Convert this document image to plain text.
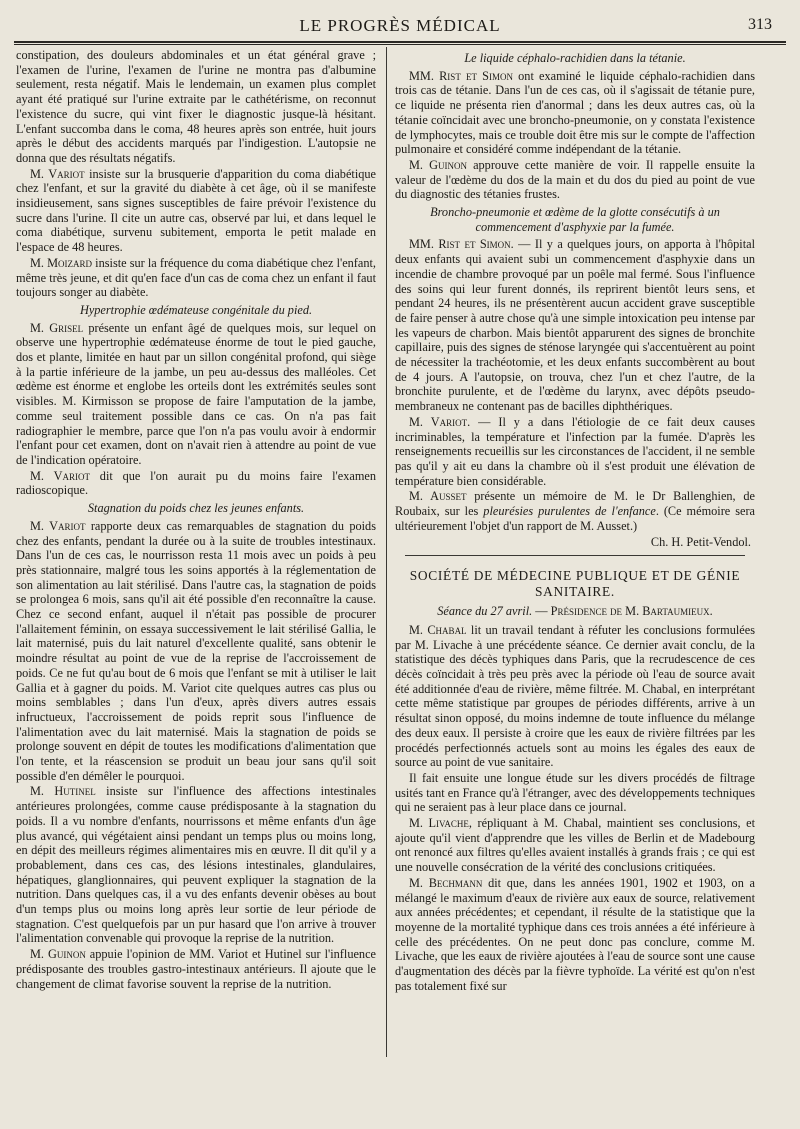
LE PROGRÈS MÉDICAL	313

constipation, des douleurs abdominales et un état général grave ; l'examen de l'urine, l'examen de l'urine ne montra pas d'albumine seulement, resta négatif. Mais le lendemain, un examen plus complet ayant été pratiqué sur l'urine extraite par le cathétérisme, on reconnut l'existence du sucre, qui vint fixer le diagnostic jusque-là hésitant. L'enfant succomba dans le coma, 48 heures après son entrée, huit jours après le début des accidents marqués par l'indigestion. L'autopsie ne donna que des résultats négatifs.

M. Variot insiste sur la brusquerie d'apparition du coma diabétique chez l'enfant, et sur la gravité du diabète à cet âge, où il se manifeste insidieusement, sans signes susceptibles de faire prévoir l'existence du sucre dans l'urine. Il cite un autre cas, observé par lui, et dans lequel le coma diabétique, survenu subitement, emporta le petit malade en l'espace de 48 heures.

M. Moizard insiste sur la fréquence du coma diabétique chez l'enfant, même très jeune, et dit qu'en face d'un cas de coma chez un enfant il faut toujours songer au diabète.

Hypertrophie œdémateuse congénitale du pied.

M. Grisel présente un enfant âgé de quelques mois, sur lequel on observe une hypertrophie œdémateuse énorme de tout le pied gauche, dos et plante, limitée en haut par un sillon congénital profond, qui siège à la partie inférieure de la jambe, un peu au-dessus des malléoles. Cet œdème est énorme et englobe les orteils dont les extrémités seules sont visibles. M. Kirmisson se propose de faire l'amputation de la jambe, comme seul traitement possible dans ce cas. On n'a pas fait radiographier le membre, parce que l'on n'a pas voulu avoir à endormir l'enfant pour cet examen, dont on n'avait rien à attendre au point de vue de l'indication opératoire.

M. Variot dit que l'on aurait pu du moins faire l'examen radioscopique.

Stagnation du poids chez les jeunes enfants.

M. Variot rapporte deux cas remarquables de stagnation du poids chez des enfants, pendant la durée ou à la suite de troubles intestinaux. Dans l'un de ces cas, le nourrisson resta 11 mois avec un poids à peu près stationnaire, malgré tous les soins apportés à la réglementation de son alimentation au lait stérilisé. Dans l'autre cas, la stagnation de poids se prolongea 6 mois, sans qu'il ait été possible d'en reconnaître la cause. Chez ce second enfant, auquel il n'était pas possible de procurer l'allaitement féminin, on essaya successivement le lait stérilisé Gallia, le lait maternisé, puis du lait naturel d'excellente qualité, sans obtenir le moindre résultat au point de vue de la reprise de l'accroissement de poids. Ce ne fut qu'au bout de 6 mois que l'enfant se mit à utiliser le lait Gallia et à gagner du poids. M. Variot cite quelques autres cas plus ou moins semblables ; dans l'un d'eux, après divers autres essais infructueux, l'accroissement de poids reprit sous l'influence de l'alimentation avec du lait maternisé. Mais la stagnation de poids se prolonge souvent en dépit de toutes les modifications d'alimentation que l'on tente, et la réascension se produit un beau jour sans qu'il soit possible d'en démêler le pourquoi.

M. Hutinel insiste sur l'influence des affections intestinales antérieures prolongées, comme cause prédisposante à la stagnation du poids. Il a vu nombre d'enfants, nourrissons et même enfants d'un âge plus avancé, qui végétaient ainsi pendant un temps plus ou moins long, en dépit des meilleurs régimes alimentaires mis en œuvre. Il dit qu'il y a probablement, dans ces cas, des lésions intestinales, glandulaires, hépatiques, glanglionnaires, qui peuvent expliquer la stagnation de la nutrition. Dans quelques cas, il a vu des enfants devenir obèses au bout d'un temps plus ou moins long après leur sortie de leur période de stagnation. C'est quelquefois par un pur hasard que l'on arrive à trouver l'alimentation convenable qui provoque la reprise de la nutrition.

M. Guinon appuie l'opinion de MM. Variot et Hutinel sur l'influence prédisposante des troubles gastro-intestinaux antérieurs. Il ajoute que le changement de climat favorise souvent la reprise de la nutrition.

Le liquide céphalo-rachidien dans la tétanie.

MM. Rist et Simon ont examiné le liquide céphalo-rachidien dans trois cas de tétanie. Dans l'un de ces cas, où il s'agissait de tétanie pure, ce liquide ne présenta rien d'anormal ; dans les deux autres cas, où la tétanie coïncidait avec une broncho-pneumonie, on y constata l'existence de lymphocytes, mais ce trouble doit être mis sur le compte de l'affection pulmonaire et considéré comme indépendant de la tétanie.

M. Guinon approuve cette manière de voir. Il rappelle ensuite la valeur de l'œdème du dos de la main et du dos du pied au point de vue du diagnostic des tétanies frustes.

Broncho-pneumonie et œdème de la glotte consécutifs à un commencement d'asphyxie par la fumée.

MM. Rist et Simon. — Il y a quelques jours, on apporta à l'hôpital deux enfants qui avaient subi un commencement d'asphyxie dans un incendie de chambre provoqué par un poêle mal fermé. Sous l'influence des soins qui leur furent donnés, ils reprirent bientôt leurs sens, et pendant 24 heures, ils ne présentèrent aucun accident grave susceptible de faire penser à autre chose qu'à une simple intoxication peu intense par les vapeurs de charbon. Mais bientôt apparurent des signes de bronchite capillaire, puis des signes de sténose laryngée qui s'accentuèrent au point de nécessiter la trachéotomie, et les deux enfants succombèrent au bout de 4 jours. A l'autopsie, on trouva, chez l'un et chez l'autre, de la bronchite purulente, et de l'œdème du larynx, avec dépôts pseudo-membraneux ne contenant pas de bacilles diphthériques.

M. Variot. — Il y a dans l'étiologie de ce fait deux causes incriminables, la température et l'infection par la fumée. D'après les renseignements recueillis sur les circonstances de l'accident, il ne semble pas qu'il y ait eu dans la chambre où il s'est produit une élévation de température bien considérable.

M. Ausset présente un mémoire de M. le Dr Ballenghien, de Roubaix, sur les pleurésies purulentes de l'enfance. (Ce mémoire sera ultérieurement l'objet d'un rapport de M. Ausset.)

Ch. H. Petit-Vendol.

SOCIÉTÉ DE MÉDECINE PUBLIQUE ET DE GÉNIE SANITAIRE.

Séance du 27 avril. — Présidence de M. Bartaumieux.

M. Chabal lit un travail tendant à réfuter les conclusions formulées par M. Livache à une précédente séance. Ce dernier avait conclu, de la statistique des décès typhiques dans Paris, que la recrudescence de ces décès coïncidait à très peu près avec la période où l'eau de source avait été additionnée d'eau de rivière, même filtrée. M. Chabal, en interprétant cette même statistique par groupes de périodes différents, arrive à un résultat sinon opposé, du moins indemne de toute influence du mélange des deux eaux. Il persiste à croire que les eaux de rivière filtrées par les procédés perfectionnés actuels sont au moins les égales des eaux de source au point de vue sanitaire.

Il fait ensuite une longue étude sur les divers procédés de filtrage usités tant en France qu'à l'étranger, avec des développements techniques qui ne seraient pas à leur place dans ce journal.

M. Livache, répliquant à M. Chabal, maintient ses conclusions, et ajoute qu'il vient d'apprendre que les villes de Berlin et de Madebourg ont renoncé aux filtres qu'elles avaient installés à grands frais ; ce qui est une nouvelle consécration de la vérité des conclusions critiquées.

M. Bechmann dit que, dans les années 1901, 1902 et 1903, on a mélangé le maximum d'eaux de rivière aux eaux de source, relativement aux années précédentes; et cependant, il résulte de la statistique que la moyenne de la mortalité typhique dans ces trois années a été inférieure à celle des précédentes. On ne peut donc pas conclure, comme M. Livache, que les eaux de rivière ajoutées à l'eau de source sont une cause d'augmentation des décès par la fièvre typhoïde. La vérité est qu'on n'est pas totalement fixé sur
